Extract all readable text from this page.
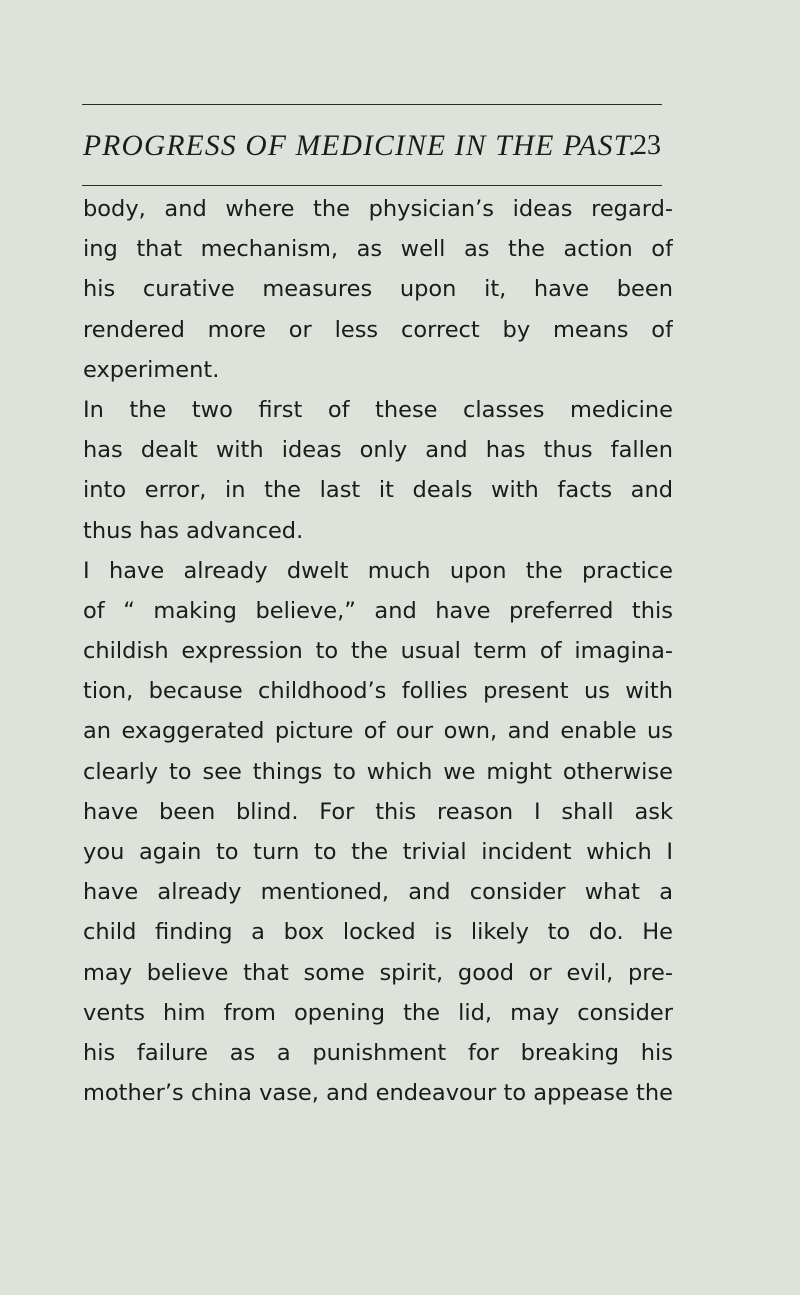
PROGRESS OF MEDICINE IN THE PAST.
23
body, and where the physician’s ideas regard-
ing that mechanism, as well as the action of
his curative measures upon it, have been
rendered more or less correct by means of
experiment.
In the two first of these classes medicine
has dealt with ideas only and has thus fallen
into error, in the last it deals with facts and
thus has advanced.
I have already dwelt much upon the practice
of “ making believe,” and have preferred this
childish expression to the usual term of imagina-
tion, because childhood’s follies present us with
an exaggerated picture of our own, and enable us
clearly to see things to which we might otherwise
have been blind. For this reason I shall ask
you again to turn to the trivial incident which I
have already mentioned, and consider what a
child finding a box locked is likely to do. He
may believe that some spirit, good or evil, pre-
vents him from opening the lid, may consider
his failure as a punishment for breaking his
mother’s china vase, and endeavour to appease the
